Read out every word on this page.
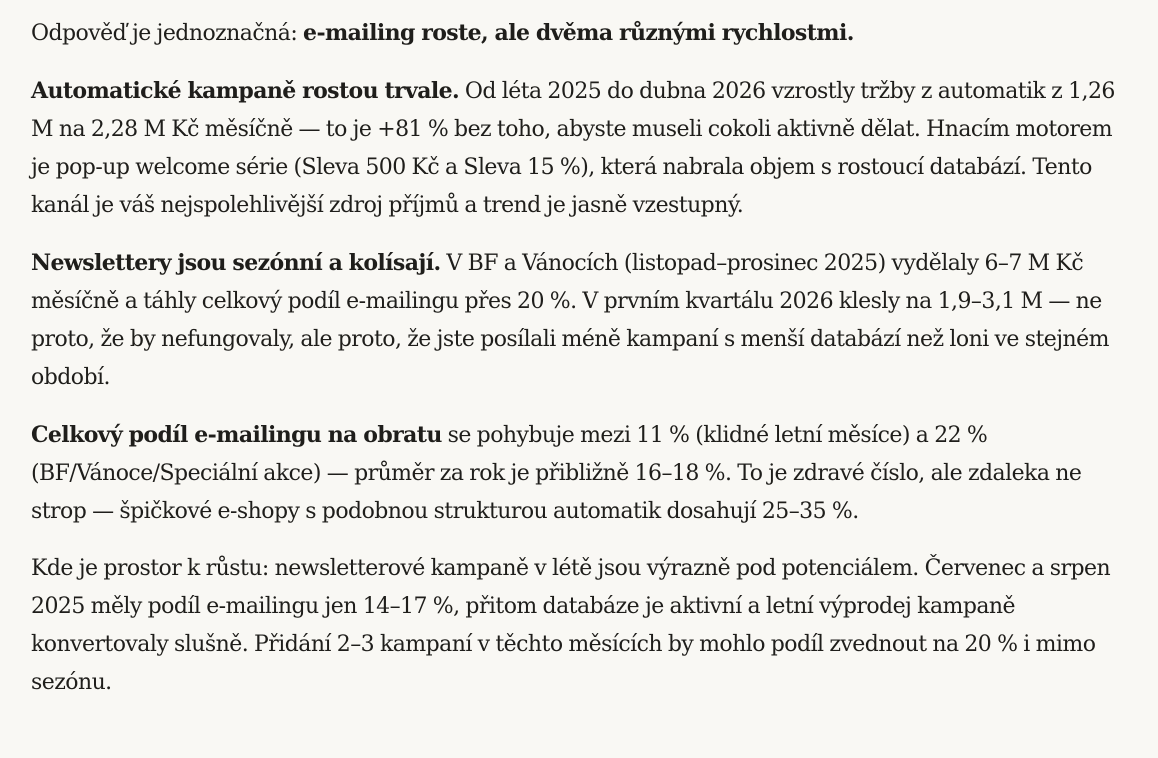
Odpověď je jednoznačná: e-mailing roste, ale dvěma různými rychlostmi.

Automatické kampaně rostou trvale. Od léta 2025 do dubna 2026 vzrostly tržby z automatik z 1,26 M na 2,28 M Kč měsíčně — to je +81 % bez toho, abyste museli cokoli aktivně dělat. Hnacím motorem je pop-up welcome série (Sleva 500 Kč a Sleva 15 %), která nabrala objem s rostoucí databází. Tento kanál je váš nejspolehlivější zdroj příjmů a trend je jasně vzestupný.

Newslettery jsou sezónní a kolísají. V BF a Vánocích (listopad–prosinec 2025) vydělaly 6–7 M Kč měsíčně a táhly celkový podíl e-mailingu přes 20 %. V prvním kvartálu 2026 klesly na 1,9–3,1 M — ne proto, že by nefungovaly, ale proto, že jste posílali méně kampaní s menší databází než loni ve stejném období.

Celkový podíl e-mailingu na obratu se pohybuje mezi 11 % (klidné letní měsíce) a 22 % (BF/Vánoce/Speciální akce) — průměr za rok je přibližně 16–18 %. To je zdravé číslo, ale zdaleka ne strop — špičkové e-shopy s podobnou strukturou automatik dosahují 25–35 %.

Kde je prostor k růstu: newsletterové kampaně v létě jsou výrazně pod potenciálem. Červenec a srpen 2025 měly podíl e-mailingu jen 14–17 %, přitom databáze je aktivní a letní výprodej kampaně konvertovaly slušně. Přidání 2–3 kampaní v těchto měsících by mohlo podíl zvednout na 20 % i mimo sezónu.
